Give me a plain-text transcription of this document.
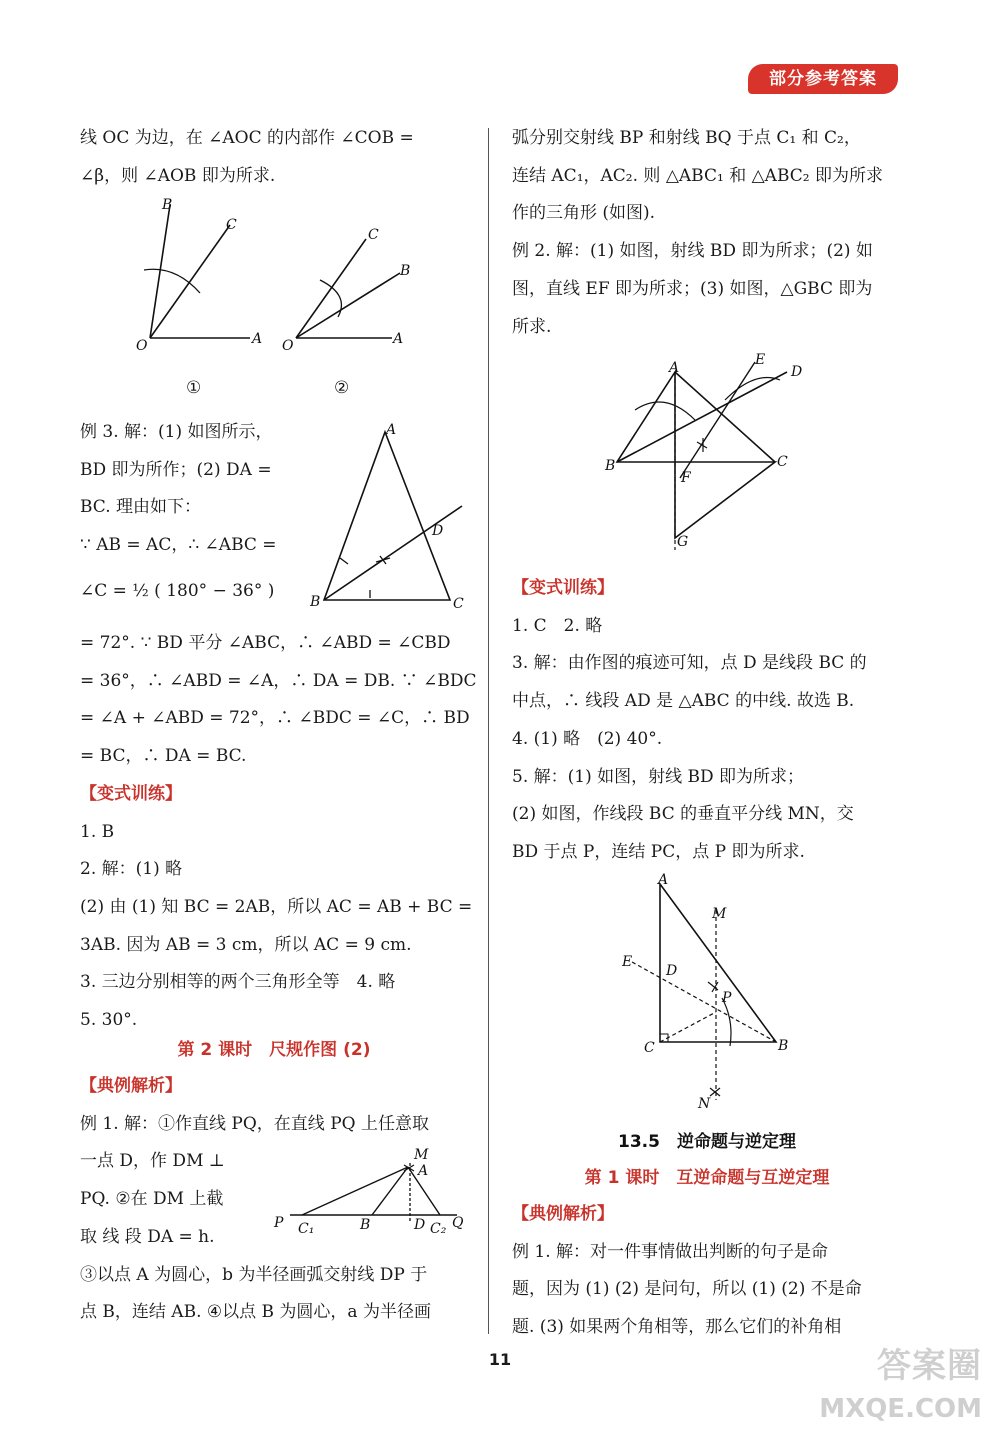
部分参考答案

线 OC 为边，在 ∠AOC 的内部作 ∠COB =

∠β，则 ∠AOB 即为所求.

B
C
O	A
C
B
O	A

①	②

例 3. 解：(1) 如图所示，

BD 即为所作；(2) DA =

BC. 理由如下：

∵ AB = AC，∴ ∠ABC =

∠C = ½ ( 180° − 36° )

A
B	C
D

= 72°. ∵ BD 平分 ∠ABC，∴ ∠ABD = ∠CBD

= 36°，∴ ∠ABD = ∠A，∴ DA = DB. ∵ ∠BDC

= ∠A + ∠ABD = 72°，∴ ∠BDC = ∠C，∴ BD

= BC，∴ DA = BC.

【变式训练】

1. B

2. 解：(1) 略

(2) 由 (1) 知 BC = 2AB，所以 AC = AB + BC =

3AB. 因为 AB = 3 cm，所以 AC = 9 cm.

3. 三边分别相等的两个三角形全等　4. 略

5. 30°.

第 2 课时　尺规作图 (2)

【典例解析】

例 1. 解：①作直线 PQ，在直线 PQ 上任意取

一点 D，作 DM ⊥

PQ. ②在 DM 上截

取 线 段 DA = h.

③以点 A 为圆心，b 为半径画弧交射线 DP 于

点 B，连结 AB. ④以点 B 为圆心，a 为半径画

M
A
P C₁	B	D C₂ Q

弧分别交射线 BP 和射线 BQ 于点 C₁ 和 C₂，

连结 AC₁，AC₂. 则 △ABC₁ 和 △ABC₂ 即为所求

作的三角形 (如图).

例 2. 解：(1) 如图，射线 BD 即为所求；(2) 如

图，直线 EF 即为所求；(3) 如图，△GBC 即为

所求.

A
B	C
D
E
F
G

【变式训练】

1. C　2. 略

3. 解：由作图的痕迹可知，点 D 是线段 BC 的

中点，∴ 线段 AD 是 △ABC 的中线. 故选 B.

4. (1) 略　(2) 40°.

5. 解：(1) 如图，射线 BD 即为所求；

(2) 如图，作线段 BC 的垂直平分线 MN，交

BD 于点 P，连结 PC，点 P 即为所求.

A
M
E
D
P
C	B
N

13.5　逆命题与逆定理

第 1 课时　互逆命题与互逆定理

【典例解析】

例 1. 解：对一件事情做出判断的句子是命

题，因为 (1) (2) 是问句，所以 (1) (2) 不是命

题. (3) 如果两个角相等，那么它们的补角相

11	答案圈
MXQE.COM
